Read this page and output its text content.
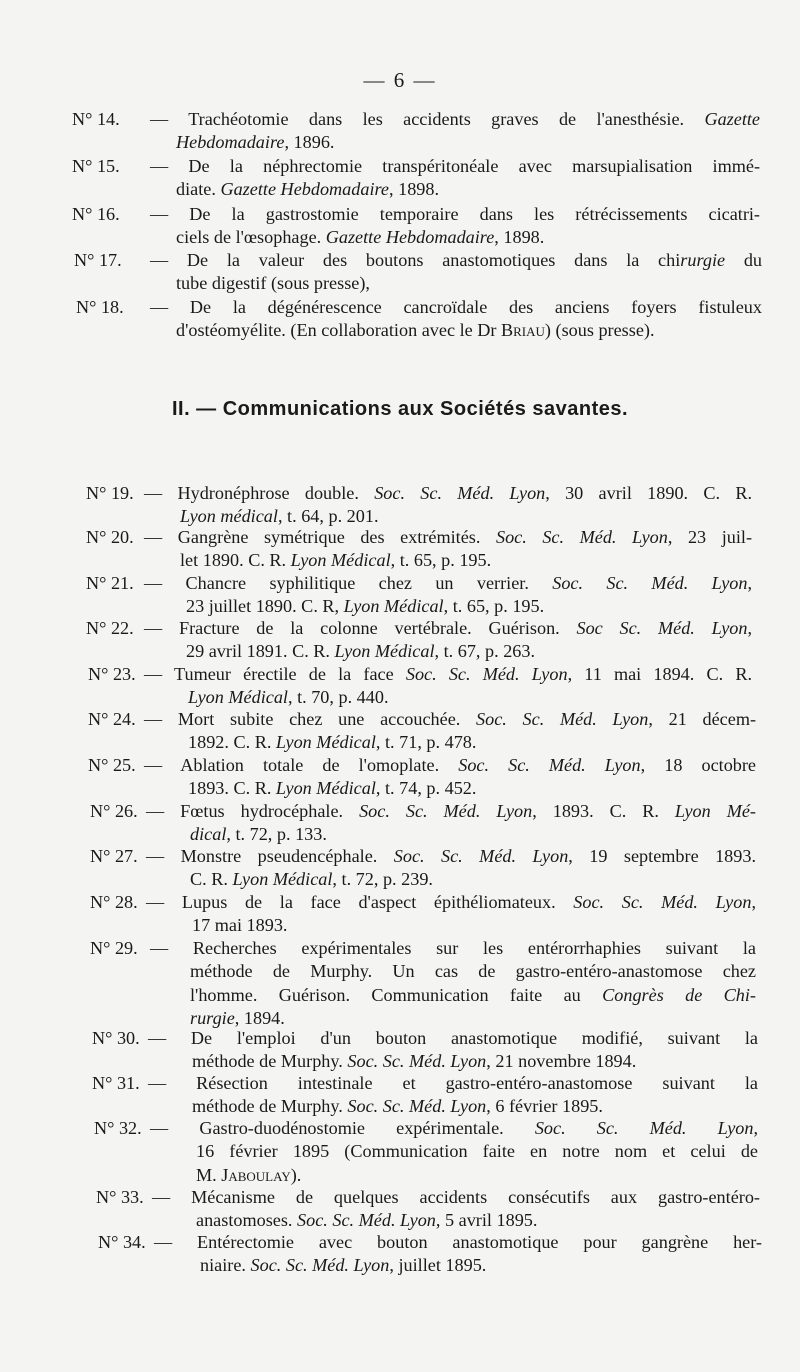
— 6 —
N° 14. — Trachéotomie dans les accidents graves de l'anesthésie. Gazette
Hebdomadaire, 1896.
N° 15. — De la néphrectomie transpéritonéale avec marsupialisation immé-
diate. Gazette Hebdomadaire, 1898.
N° 16. — De la gastrostomie temporaire dans les rétrécissements cicatri-
ciels de l'œsophage. Gazette Hebdomadaire, 1898.
N° 17. — De la valeur des boutons anastomotiques dans la chirurgie du
tube digestif (sous presse),
N° 18. — De la dégénérescence cancroïdale des anciens foyers fistuleux
d'ostéomyélite. (En collaboration avec le Dr Briau) (sous presse).
II. — Communications aux Sociétés savantes.
N° 19. — Hydronéphrose double. Soc. Sc. Méd. Lyon, 30 avril 1890. C. R.
Lyon médical, t. 64, p. 201.
N° 20. — Gangrène symétrique des extrémités. Soc. Sc. Méd. Lyon, 23 juil-
let 1890. C. R. Lyon Médical, t. 65, p. 195.
N° 21. — Chancre syphilitique chez un verrier. Soc. Sc. Méd. Lyon,
23 juillet 1890. C. R, Lyon Médical, t. 65, p. 195.
N° 22. — Fracture de la colonne vertébrale. Guérison. Soc Sc. Méd. Lyon,
29 avril 1891. C. R. Lyon Médical, t. 67, p. 263.
N° 23. — Tumeur érectile de la face Soc. Sc. Méd. Lyon, 11 mai 1894. C. R.
Lyon Médical, t. 70, p. 440.
N° 24. — Mort subite chez une accouchée. Soc. Sc. Méd. Lyon, 21 décem-
1892. C. R. Lyon Médical, t. 71, p. 478.
N° 25. — Ablation totale de l'omoplate. Soc. Sc. Méd. Lyon, 18 octobre
1893. C. R. Lyon Médical, t. 74, p. 452.
N° 26. — Fœtus hydrocéphale. Soc. Sc. Méd. Lyon, 1893. C. R. Lyon Mé-
dical, t. 72, p. 133.
N° 27. — Monstre pseudencéphale. Soc. Sc. Méd. Lyon, 19 septembre 1893.
C. R. Lyon Médical, t. 72, p. 239.
N° 28. — Lupus de la face d'aspect épithéliomateux. Soc. Sc. Méd. Lyon,
17 mai 1893.
N° 29. — Recherches expérimentales sur les entérorrhaphies suivant la
méthode de Murphy. Un cas de gastro-entéro-anastomose chez
l'homme. Guérison. Communication faite au Congrès de Chi-
rurgie, 1894.
N° 30. — De l'emploi d'un bouton anastomotique modifié, suivant la
méthode de Murphy. Soc. Sc. Méd. Lyon, 21 novembre 1894.
N° 31. — Résection intestinale et gastro-entéro-anastomose suivant la
méthode de Murphy. Soc. Sc. Méd. Lyon, 6 février 1895.
N° 32. — Gastro-duodénostomie expérimentale. Soc. Sc. Méd. Lyon,
16 février 1895 (Communication faite en notre nom et celui de
M. Jaboulay).
N° 33. — Mécanisme de quelques accidents consécutifs aux gastro-entéro-
anastomoses. Soc. Sc. Méd. Lyon, 5 avril 1895.
N° 34. — Entérectomie avec bouton anastomotique pour gangrène her-
niaire. Soc. Sc. Méd. Lyon, juillet 1895.
